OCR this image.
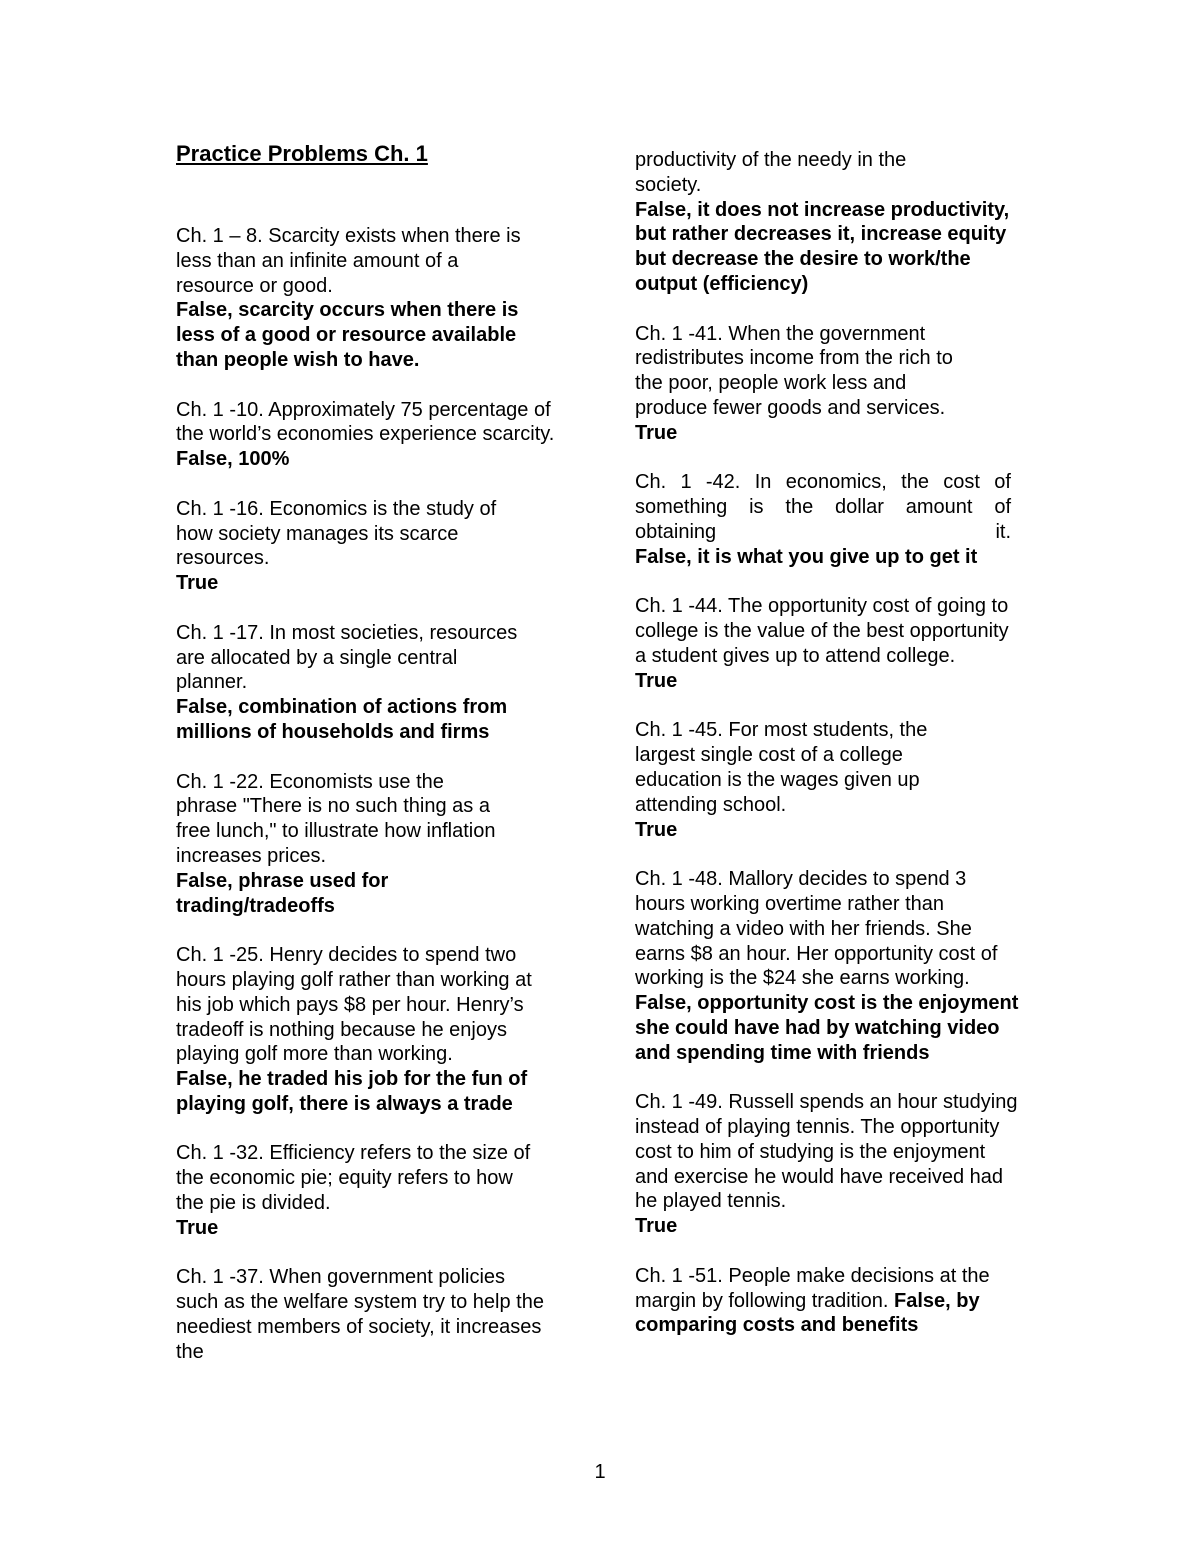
Practice Problems Ch. 1

Ch. 1 – 8. Scarcity exists when there is less than an infinite amount of a resource or good.

False, scarcity occurs when there is less of a good or resource available than people wish to have.

Ch. 1 -10. Approximately 75 percentage of the world’s economies experience scarcity.

False, 100%

Ch. 1 -16. Economics is the study of how society manages its scarce resources.

True

Ch. 1 -17. In most societies, resources are allocated by a single central planner.

False, combination of actions from millions of households and firms

Ch. 1 -22. Economists use the phrase "There is no such thing as a free lunch," to illustrate how inflation increases prices.

False, phrase used for trading/tradeoffs

Ch. 1 -25. Henry decides to spend two hours playing golf rather than working at his job which pays $8 per hour. Henry’s tradeoff is nothing because he enjoys playing golf more than working.

False, he traded his job for the fun of playing golf, there is always a trade

Ch. 1 -32. Efficiency refers to the size of the economic pie; equity refers to how the pie is divided.

True

Ch. 1 -37. When government policies such as the welfare system try to help the neediest members of society, it increases the

productivity of the needy in the society.

False, it does not increase productivity, but rather decreases it, increase equity but decrease the desire to work/the output (efficiency)

Ch. 1 -41. When the government redistributes income from the rich to the poor, people work less and produce fewer goods and services.

True

Ch. 1 -42. In economics, the cost of something is the dollar amount of obtaining it.

False, it is what you give up to get it

Ch. 1 -44. The opportunity cost of going to college is the value of the best opportunity a student gives up to attend college.

True

Ch. 1 -45. For most students, the largest single cost of a college education is the wages given up attending school.

True

Ch. 1 -48. Mallory decides to spend 3 hours working overtime rather than watching a video with her friends. She earns $8 an hour. Her opportunity cost of working is the $24 she earns working. False, opportunity cost is the enjoyment she could have had by watching video and spending time with friends

Ch. 1 -49. Russell spends an hour studying instead of playing tennis. The opportunity cost to him of studying is the enjoyment and exercise he would have received had he played tennis.

True

Ch. 1 -51. People make decisions at the margin by following tradition. False, by comparing costs and benefits

1
